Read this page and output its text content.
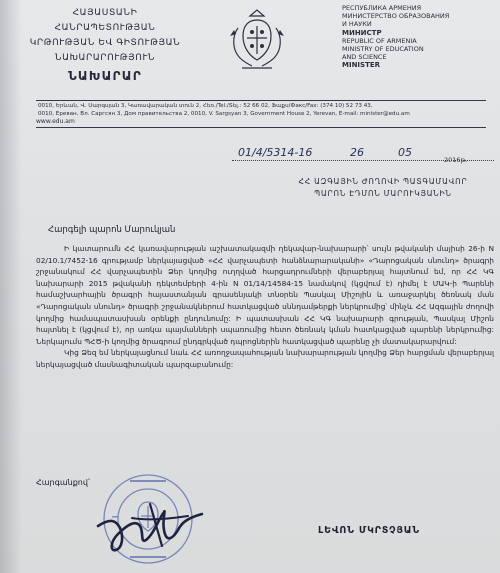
ՀԱՅԱՍՏԱՆԻ
ՀԱՆՐԱՊԵՏՈՒԹՅԱՆ
ԿՐԹՈՒԹՅԱՆ ԵՎ ԳԻՏՈՒԹՅԱՆ
ՆԱԽԱՐԱՐՈՒԹՅՈՒՆ
ՆԱԽԱՐԱՐ
РЕСПУБЛИКА АРМЕНИЯ
МИНИСТЕРСТВО ОБРАЗОВАНИЯ
И НАУКИ
МИНИСТР
REPUBLIC OF ARMENIA
MINISTRY OF EDUCATION
AND SCIENCE
MINISTER
0010, Երևան, Վ. Սարգսյան 3, Կառավարական տուն 2, Հեռ./Tel./Տել.: 52 66 02, Ֆաքս/Факс/Fax: (374 10) 52 73 43,
0010, Ереван, Вл. Саргсян 3, Дом правительства 2, 0010, V. Sargsyan 3, Government House 2, Yerevan, E-mail: minister@edu.am
www.edu.am
01/4/5314-16	26	05
2016թ.
ՀՀ ԱԶԳԱՅԻՆ ԺՈՂՈՎԻ ՊԱՏԳԱՄԱՎՈՐ
ՊԱՐՈՆ ԷԴՄՈՆ ՄԱՐՈՒԿՅԱՆԻՆ
Հարգելի պարոն Մարուկյան

Ի կատարումն ՀՀ կառավարության աշխատակազմի ղեկավար-նախարարի՝ սույն թվականի մայիսի 26-ի N 02/10.1/7452-16 գրությամբ ներկայացված «ՀՀ վարչապետի հանձնարարականի» «Դարոցական սնունդ» ծրագրի շրջանակում ՀՀ վարչապետին Ձեր կողմից ուղղված հարցադրումների վերաբերյալ հայտնում եմ, որ ՀՀ ԿԳ նախարարի 2015 թվականի դեկտեմբերի 4-ին N 01/14/14584-15 նամակով (կցվում է) դիմել է ՄԱԿ-ի Պարենի համաշխարհային ծրագրի հայաստանյան գրասենյակի տնօրեն Պասկալ Միշոյին և առաջարկել ծեռնակ ման «Դարոցական սնունդ» ծրագրի շրջանակներում հատկացված սննդամթերքի ներկրումից՝ մինչև ՀՀ Ազգային ժողովի կողմից համապատասխան օրենքի ընդունումը: Ի պատասխան ՀՀ ԿԳ նախարարի գրության, Պասկալ Միշոն հայտնել է (կցվում է), որ առկա պայմանների սպառումից հետո ծեռնակ կման հատկացված պարենի ներկրումից: Ներկայումս ՊՀԾ-ի կողմից ծրագրում ընդգրկված դպրոցներին հատկացված պարենը չի մատակարարվում:

Կից Ձեզ եմ ներկայացնում նաև ՀՀ առողջապահության նախարարության կողմից Ձեր հարցման վերաբերյալ ներկայացված մասնագիտական պարզաբանումը:

Հարգանքով՝
ԼԵՎՈՆ ՄԿՐՏՉՅԱՆ
